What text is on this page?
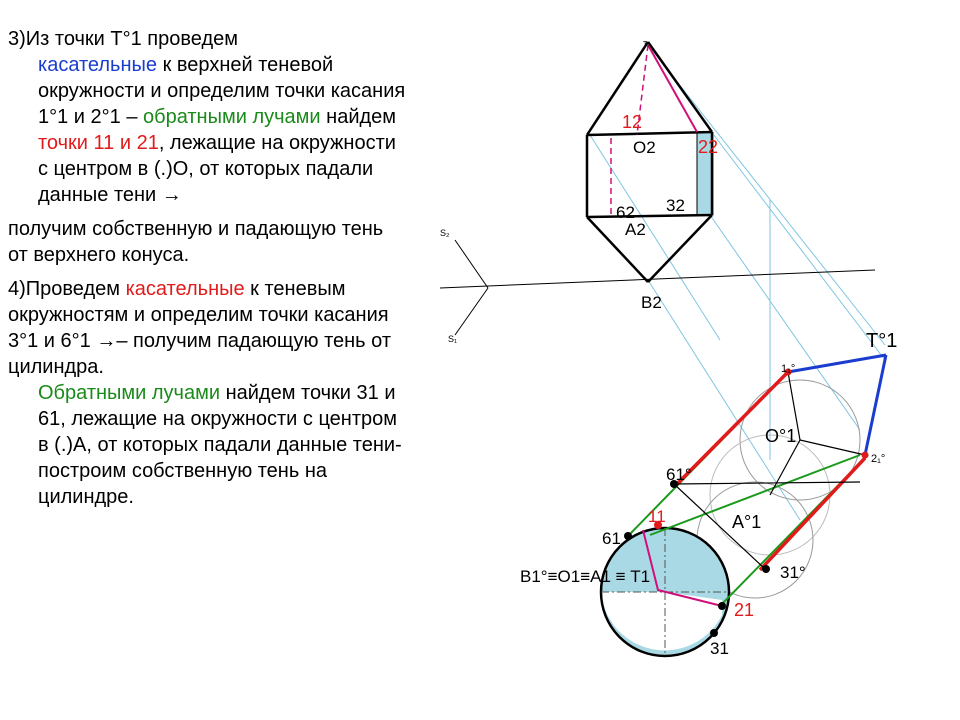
3)Из точки Т°1 проведем

касательные к верхней теневой окружности и определим точки касания 1°1 и 2°1 – обратными лучами найдем точки 11 и 21, лежащие на окружности с центром в (.)О, от которых падали данные тени →

получим собственную и падающую тень от верхнего конуса.

4)Проведем касательные к теневым окружностям и определим точки касания 3°1 и 6°1 →– получим падающую тень от цилиндра.

Обратными лучами найдем точки 31 и 61, лежащие на окружности с центром в (.)А, от которых падали данные тени- построим собственную тень на цилиндре.

S₂
S₁
Т₂
12
О2 22
32
62
А2
В2
Т°1
1₁°
О°1
2₁°
61°
11	А°1
61
В1°≡О1≡А1 ≡ Т1	31°
21
31
